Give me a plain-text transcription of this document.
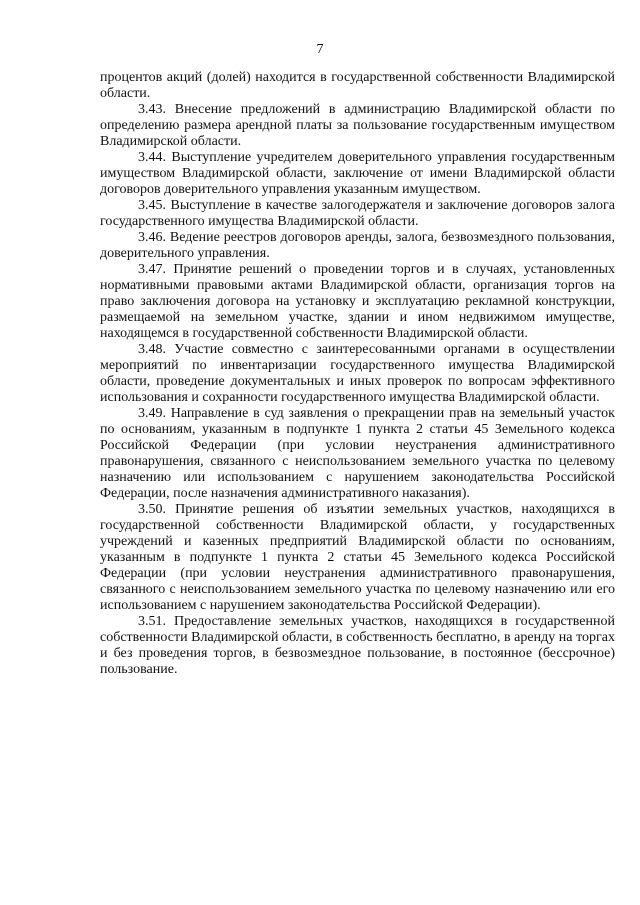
7

процентов акций (долей) находится в государственной собственности Владимирской области.

3.43. Внесение предложений в администрацию Владимирской области по определению размера арендной платы за пользование государственным имуществом Владимирской области.

3.44. Выступление учредителем доверительного управления государственным имуществом Владимирской области, заключение от имени Владимирской области договоров доверительного управления указанным имуществом.

3.45. Выступление в качестве залогодержателя и заключение договоров залога государственного имущества Владимирской области.

3.46. Ведение реестров договоров аренды, залога, безвозмездного пользования, доверительного управления.

3.47. Принятие решений о проведении торгов и в случаях, установленных нормативными правовыми актами Владимирской области, организация торгов на право заключения договора на установку и эксплуатацию рекламной конструкции, размещаемой на земельном участке, здании и ином недвижимом имуществе, находящемся в государственной собственности Владимирской области.

3.48. Участие совместно с заинтересованными органами в осуществлении мероприятий по инвентаризации государственного имущества Владимирской области, проведение документальных и иных проверок по вопросам эффективного использования и сохранности государственного имущества Владимирской области.

3.49. Направление в суд заявления о прекращении прав на земельный участок по основаниям, указанным в подпункте 1 пункта 2 статьи 45 Земельного кодекса Российской Федерации (при условии неустранения административного правонарушения, связанного с неиспользованием земельного участка по целевому назначению или использованием с нарушением законодательства Российской Федерации, после назначения административного наказания).

3.50. Принятие решения об изъятии земельных участков, находящихся в государственной собственности Владимирской области, у государственных учреждений и казенных предприятий Владимирской области по основаниям, указанным в подпункте 1 пункта 2 статьи 45 Земельного кодекса Российской Федерации (при условии неустранения административного правонарушения, связанного с неиспользованием земельного участка по целевому назначению или его использованием с нарушением законодательства Российской Федерации).

3.51. Предоставление земельных участков, находящихся в государственной собственности Владимирской области, в собственность бесплатно, в аренду на торгах и без проведения торгов, в безвозмездное пользование, в постоянное (бессрочное) пользование.
